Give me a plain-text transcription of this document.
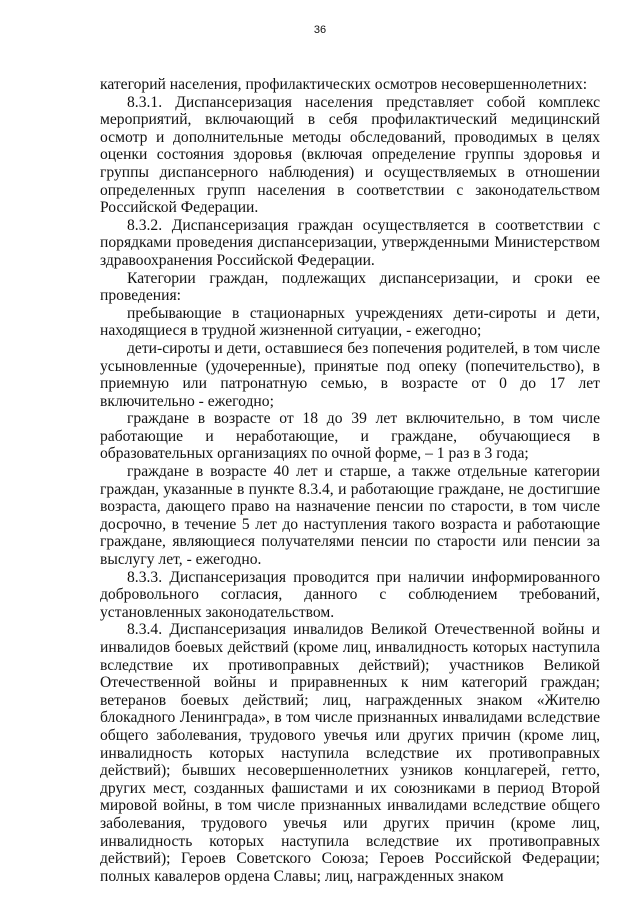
36

категорий населения, профилактических осмотров несовершеннолетних:

8.3.1. Диспансеризация населения представляет собой комплекс мероприятий, включающий в себя профилактический медицинский осмотр и дополнительные методы обследований, проводимых в целях оценки состояния здоровья (включая определение группы здоровья и группы диспансерного наблюдения) и осуществляемых в отношении определенных групп населения в соответствии с законодательством Российской Федерации.

8.3.2. Диспансеризация граждан осуществляется в соответствии с порядками проведения диспансеризации, утвержденными Министерством здравоохранения Российской Федерации.

Категории граждан, подлежащих диспансеризации, и сроки ее проведения:

пребывающие в стационарных учреждениях дети-сироты и дети, находящиеся в трудной жизненной ситуации, - ежегодно;

дети-сироты и дети, оставшиеся без попечения родителей, в том числе усыновленные (удочеренные), принятые под опеку (попечительство), в приемную или патронатную семью, в возрасте от 0 до 17 лет включительно - ежегодно;

граждане в возрасте от 18 до 39 лет включительно, в том числе работающие и неработающие, и граждане, обучающиеся в образовательных организациях по очной форме, – 1 раз в 3 года;

граждане в возрасте 40 лет и старше, а также отдельные категории граждан, указанные в пункте 8.3.4, и работающие граждане, не достигшие возраста, дающего право на назначение пенсии по старости, в том числе досрочно, в течение 5 лет до наступления такого возраста и работающие граждане, являющиеся получателями пенсии по старости или пенсии за выслугу лет, - ежегодно.

8.3.3. Диспансеризация проводится при наличии информированного добровольного согласия, данного с соблюдением требований, установленных законодательством.

8.3.4. Диспансеризация инвалидов Великой Отечественной войны и инвалидов боевых действий (кроме лиц, инвалидность которых наступила вследствие их противоправных действий); участников Великой Отечественной войны и приравненных к ним категорий граждан; ветеранов боевых действий; лиц, награжденных знаком «Жителю блокадного Ленинграда», в том числе признанных инвалидами вследствие общего заболевания, трудового увечья или других причин (кроме лиц, инвалидность которых наступила вследствие их противоправных действий); бывших несовершеннолетних узников концлагерей, гетто, других мест, созданных фашистами и их союзниками в период Второй мировой войны, в том числе признанных инвалидами вследствие общего заболевания, трудового увечья или других причин (кроме лиц, инвалидность которых наступила вследствие их противоправных действий); Героев Советского Союза; Героев Российской Федерации; полных кавалеров ордена Славы; лиц, награжденных знаком
